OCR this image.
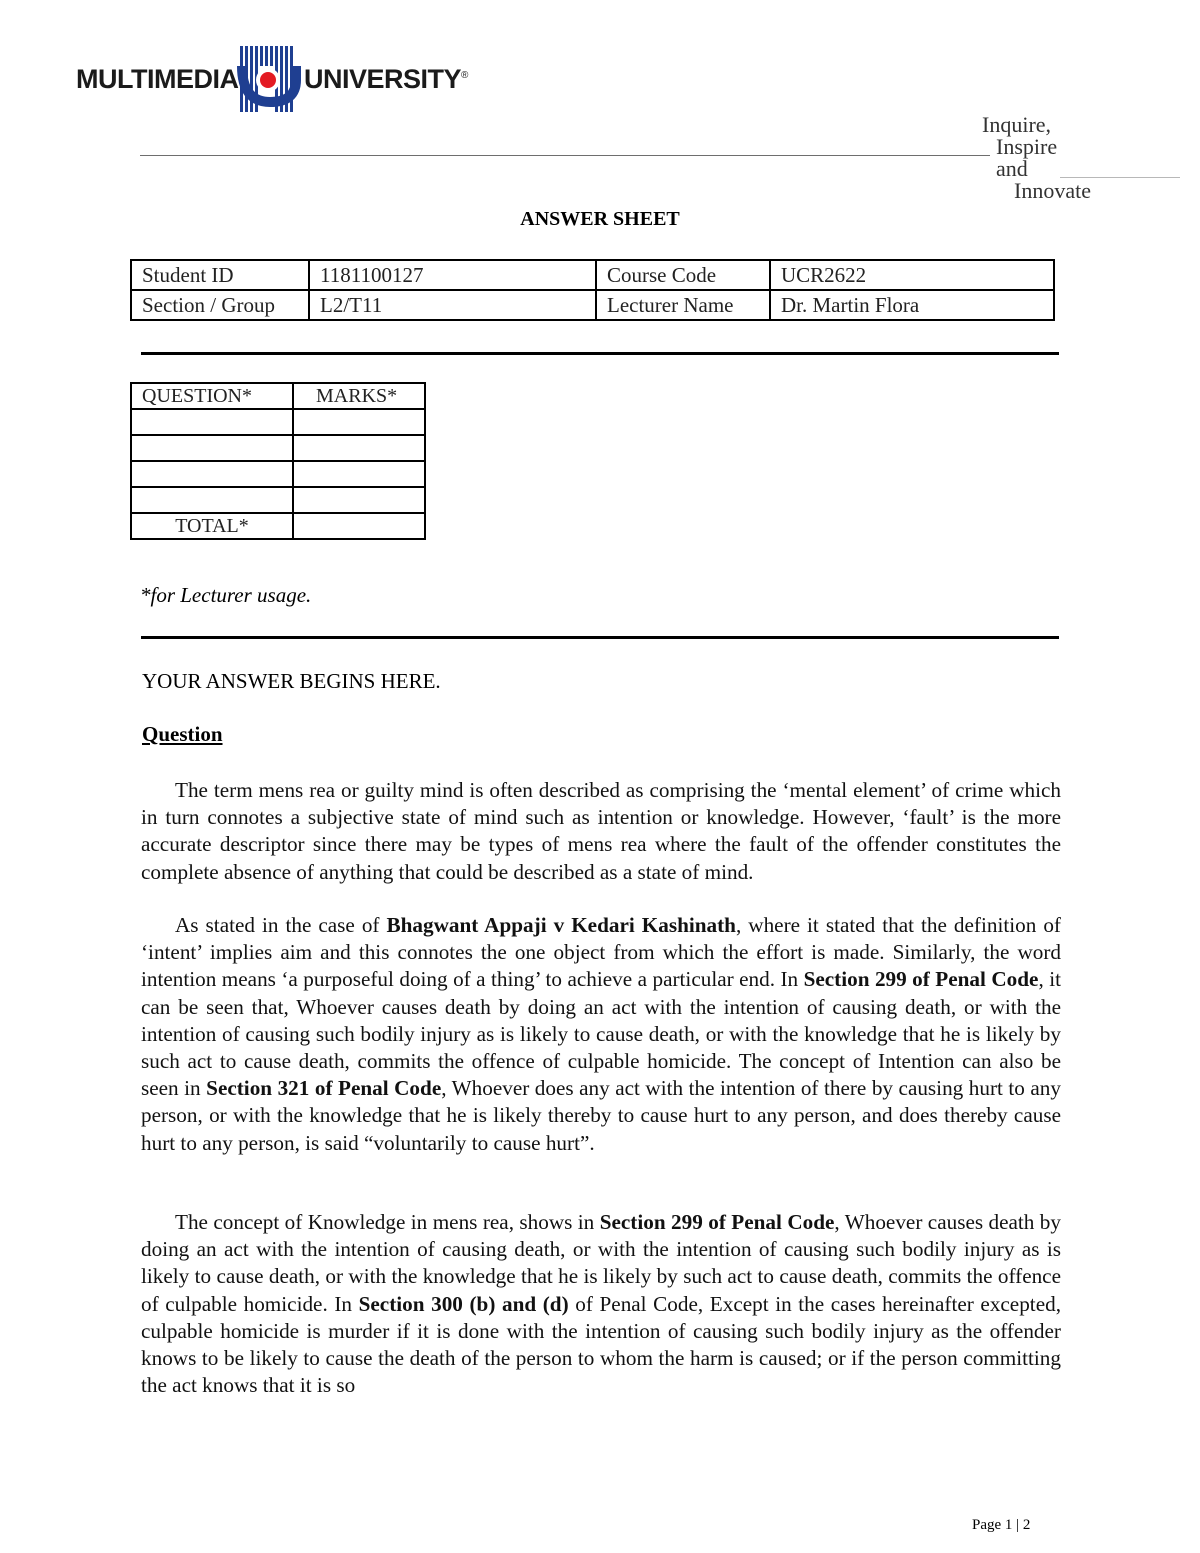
MULTIMEDIA UNIVERSITY®
Inquire,
Inspire
and
Innovate
ANSWER SHEET
Student ID	1181100127	Course Code	UCR2622
Section / Group	L2/T11	Lecturer Name	Dr. Martin Flora
QUESTION*	MARKS*

TOTAL*	
*for Lecturer usage.
YOUR ANSWER BEGINS HERE.
Question
The term mens rea or guilty mind is often described as comprising the ‘mental element’ of crime which in turn connotes a subjective state of mind such as intention or knowledge. However, ‘fault’ is the more accurate descriptor since there may be types of mens rea where the fault of the offender constitutes the complete absence of anything that could be described as a state of mind.
As stated in the case of Bhagwant Appaji v Kedari Kashinath, where it stated that the definition of ‘intent’ implies aim and this connotes the one object from which the effort is made. Similarly, the word intention means ‘a purposeful doing of a thing’ to achieve a particular end. In Section 299 of Penal Code, it can be seen that, Whoever causes death by doing an act with the intention of causing death, or with the intention of causing such bodily injury as is likely to cause death, or with the knowledge that he is likely by such act to cause death, commits the offence of culpable homicide. The concept of Intention can also be seen in Section 321 of Penal Code, Whoever does any act with the intention of there by causing hurt to any person, or with the knowledge that he is likely thereby to cause hurt to any person, and does thereby cause hurt to any person, is said “voluntarily to cause hurt”.
The concept of Knowledge in mens rea, shows in Section 299 of Penal Code, Whoever causes death by doing an act with the intention of causing death, or with the intention of causing such bodily injury as is likely to cause death, or with the knowledge that he is likely by such act to cause death, commits the offence of culpable homicide. In Section 300 (b) and (d) of Penal Code, Except in the cases hereinafter excepted, culpable homicide is murder if it is done with the intention of causing such bodily injury as the offender knows to be likely to cause the death of the person to whom the harm is caused; or if the person committing the act knows that it is so
Page 1 | 2
